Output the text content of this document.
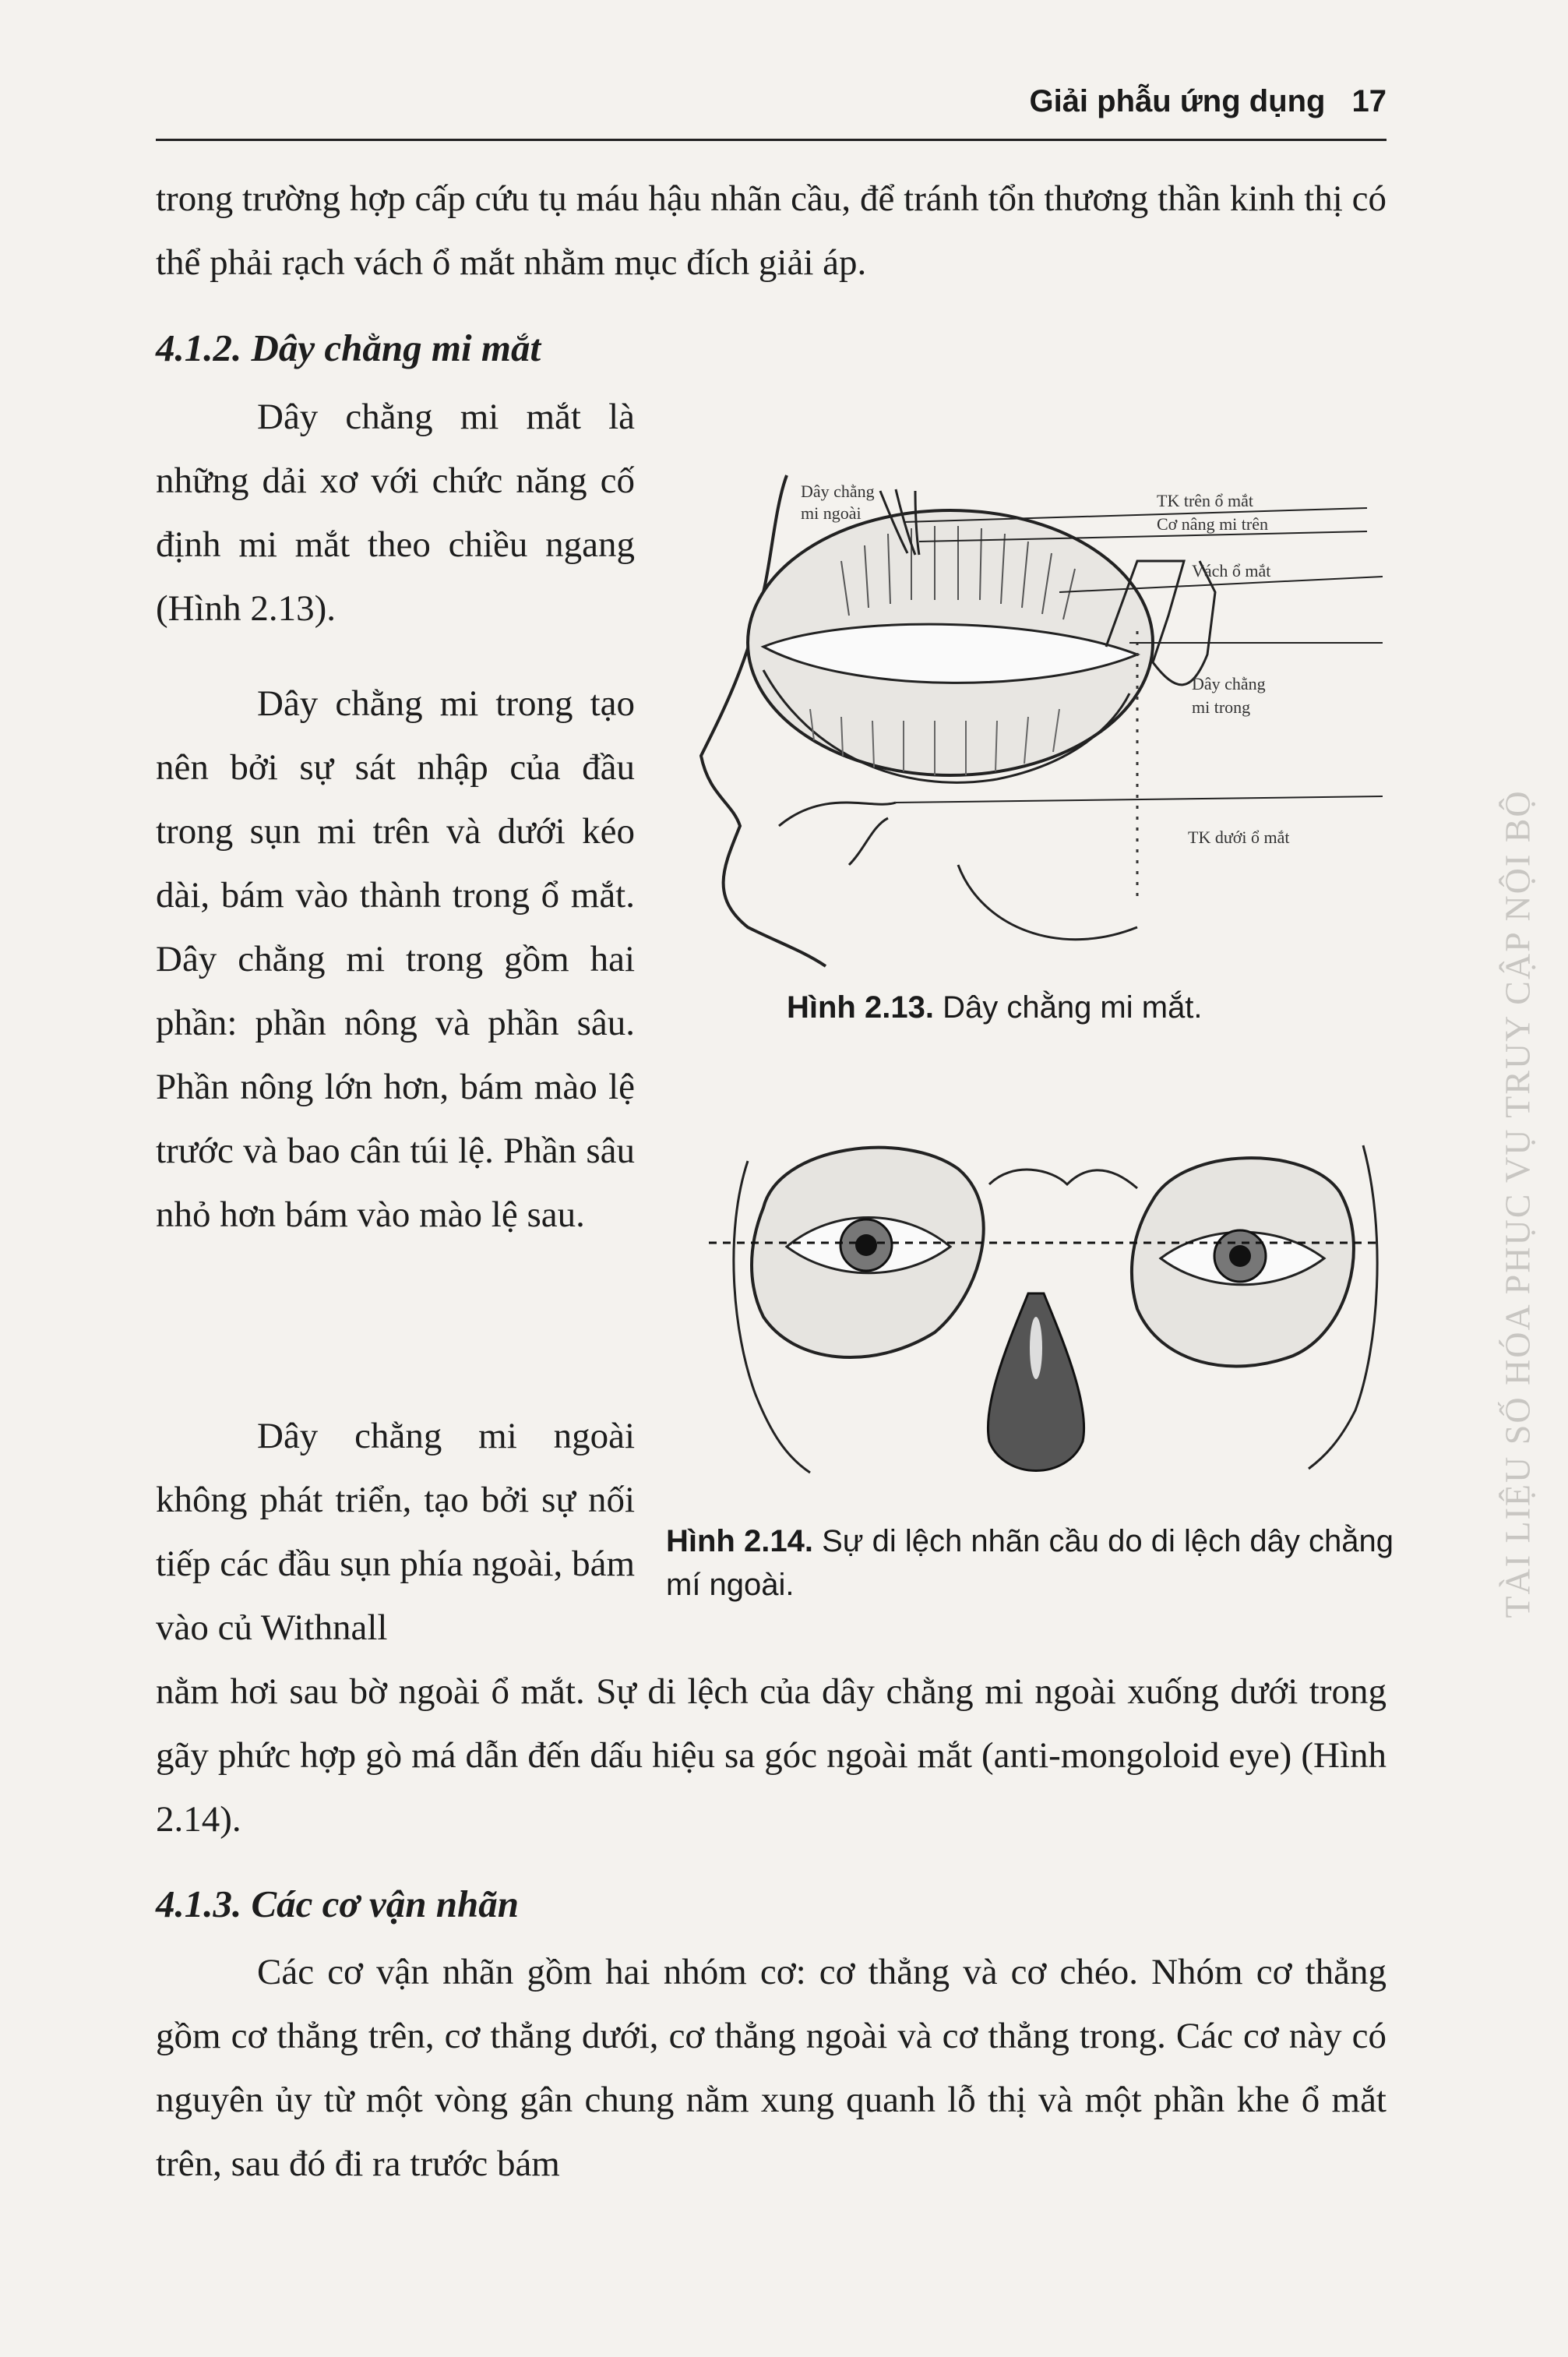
Giải phẫu ứng dụng 17

trong trường hợp cấp cứu tụ máu hậu nhãn cầu, để tránh tổn thương thần kinh thị có thể phải rạch vách ổ mắt nhằm mục đích giải áp.

4.1.2. Dây chằng mi mắt

Dây chằng mi mắt là những dải xơ với chức năng cố định mi mắt theo chiều ngang (Hình 2.13).

Dây chằng mi trong tạo nên bởi sự sát nhập của đầu trong sụn mi trên và dưới kéo dài, bám vào thành trong ổ mắt. Dây chằng mi trong gồm hai phần: phần nông và phần sâu. Phần nông lớn hơn, bám mào lệ trước và bao cân túi lệ. Phần sâu nhỏ hơn bám vào mào lệ sau.

Dây chằng mi ngoài không phát triển, tạo bởi sự nối tiếp các đầu sụn phía ngoài, bám vào củ Withnall

nằm hơi sau bờ ngoài ổ mắt. Sự di lệch của dây chằng mi ngoài xuống dưới trong gãy phức hợp gò má dẫn đến dấu hiệu sa góc ngoài mắt (anti-mongoloid eye) (Hình 2.14).

4.1.3. Các cơ vận nhãn

Các cơ vận nhãn gồm hai nhóm cơ: cơ thẳng và cơ chéo. Nhóm cơ thẳng gồm cơ thẳng trên, cơ thẳng dưới, cơ thẳng ngoài và cơ thẳng trong. Các cơ này có nguyên ủy từ một vòng gân chung nằm xung quanh lỗ thị và một phần khe ổ mắt trên, sau đó đi ra trước bám

Dây chằng
mi ngoài
TK trên ổ mắt
Cơ nâng mi trên
Vách ổ mắt
Dây chằng
mi trong
TK dưới ổ mắt
Hình 2.13. Dây chằng mi mắt.
Hình 2.14. Sự di lệch nhãn cầu do di lệch dây chằng mí ngoài.	TÀI LIỆU SỐ HÓA PHỤC VỤ TRUY CẬP NỘI BỘ
